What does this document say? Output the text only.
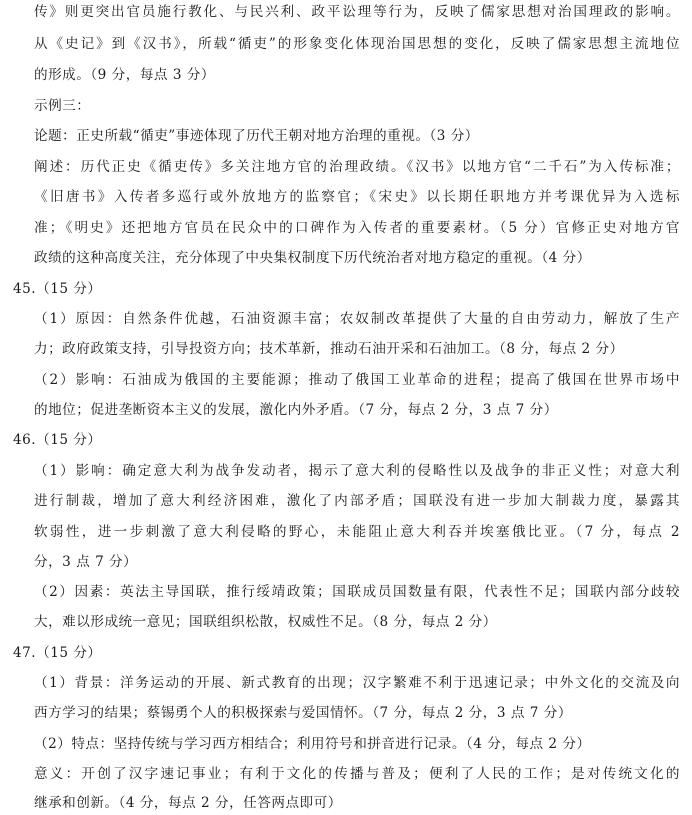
传》则更突出官员施行教化、与民兴利、政平讼理等行为，反映了儒家思想对治国理政的影响。
从《史记》到《汉书》，所载“循吏”的形象变化体现治国思想的变化，反映了儒家思想主流地位
的形成。（9 分，每点 3 分）
示例三：
论题：正史所载“循吏”事迹体现了历代王朝对地方治理的重视。（3 分）
阐述：历代正史《循吏传》多关注地方官的治理政绩。《汉书》以地方官“二千石”为入传标准；
《旧唐书》入传者多巡行或外放地方的监察官；《宋史》以长期任职地方并考课优异为入选标
准；《明史》还把地方官员在民众中的口碑作为入传者的重要素材。（5 分）官修正史对地方官
政绩的这种高度关注，充分体现了中央集权制度下历代统治者对地方稳定的重视。（4 分）
45.（15 分）
（1）原因：自然条件优越，石油资源丰富；农奴制改革提供了大量的自由劳动力，解放了生产
力；政府政策支持，引导投资方向；技术革新，推动石油开采和石油加工。（8 分，每点 2 分）
（2）影响：石油成为俄国的主要能源；推动了俄国工业革命的进程；提高了俄国在世界市场中
的地位；促进垄断资本主义的发展，激化内外矛盾。（7 分，每点 2 分，3 点 7 分）
46.（15 分）
（1）影响：确定意大利为战争发动者，揭示了意大利的侵略性以及战争的非正义性；对意大利
进行制裁，增加了意大利经济困难，激化了内部矛盾；国联没有进一步加大制裁力度，暴露其
软弱性，进一步刺激了意大利侵略的野心，未能阻止意大利吞并埃塞俄比亚。（7 分，每点 2
分，3 点 7 分）
（2）因素：英法主导国联，推行绥靖政策；国联成员国数量有限，代表性不足；国联内部分歧较
大，难以形成统一意见；国联组织松散，权威性不足。（8 分，每点 2 分）
47.（15 分）
（1）背景：洋务运动的开展、新式教育的出现；汉字繁难不利于迅速记录；中外文化的交流及向
西方学习的结果；蔡锡勇个人的积极探索与爱国情怀。（7 分，每点 2 分，3 点 7 分）
（2）特点：坚持传统与学习西方相结合；利用符号和拼音进行记录。（4 分，每点 2 分）
意义：开创了汉字速记事业；有利于文化的传播与普及；便利了人民的工作；是对传统文化的
继承和创新。（4 分，每点 2 分，任答两点即可）
